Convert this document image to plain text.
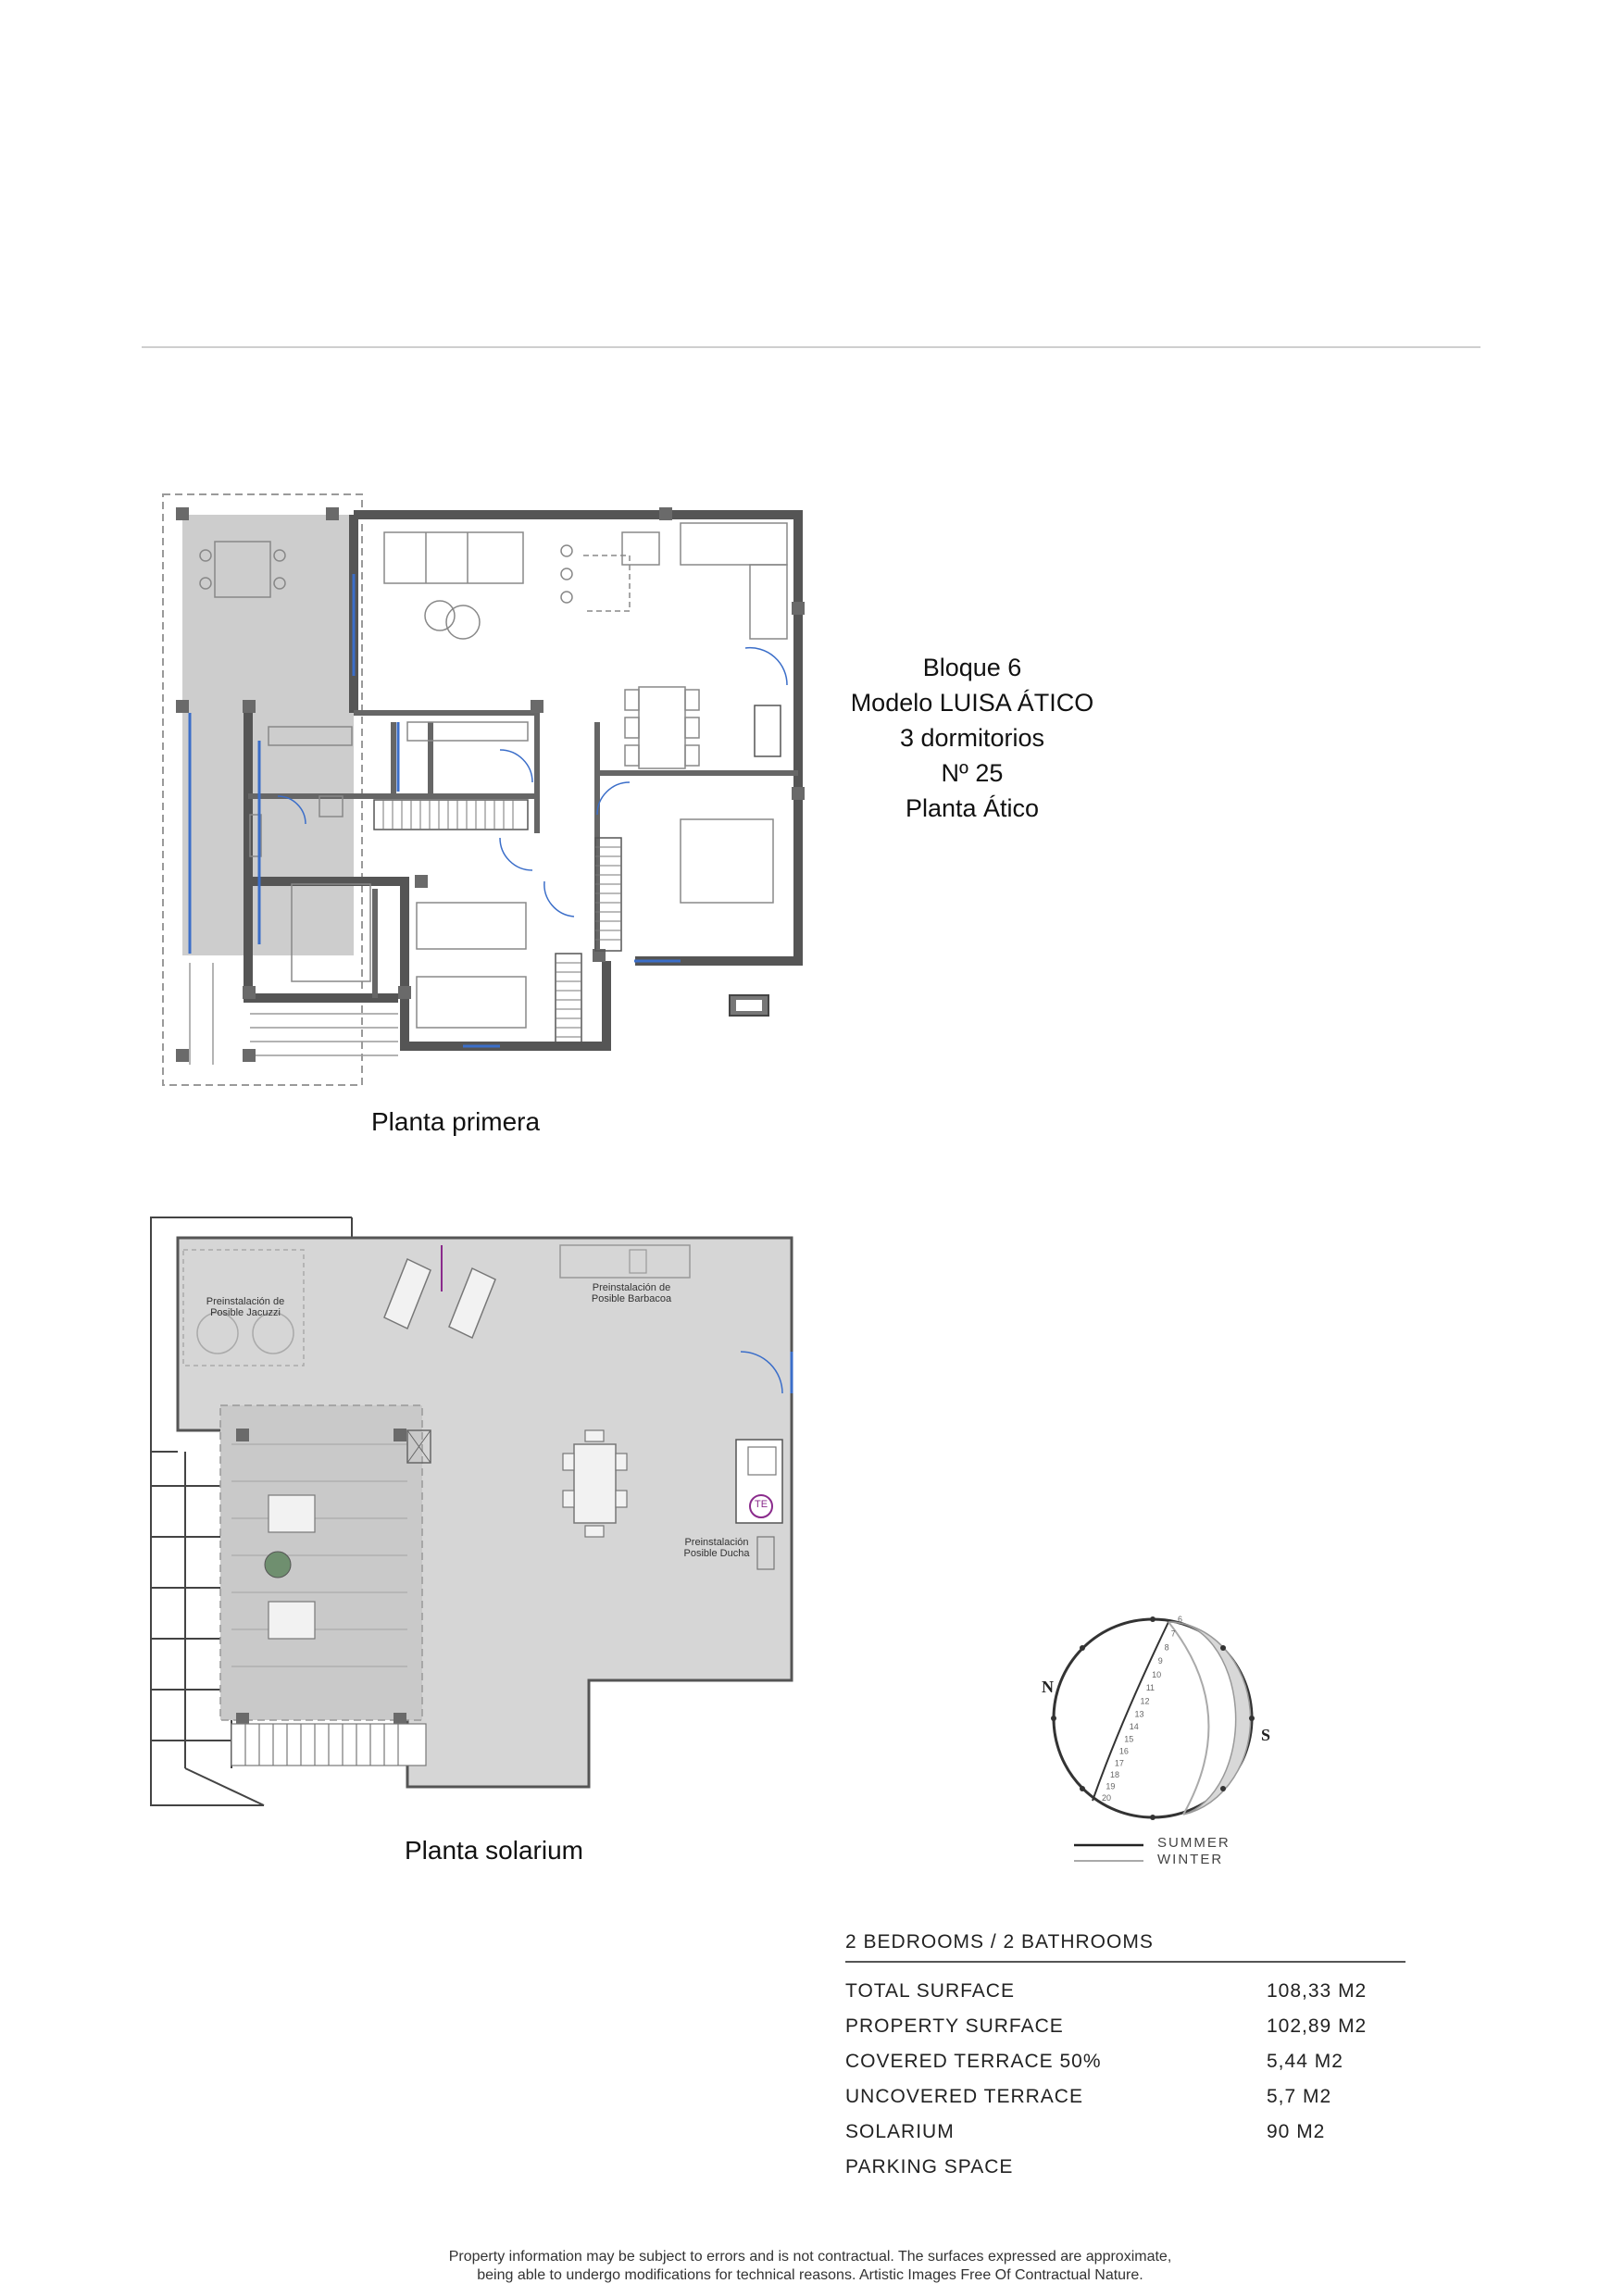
Planta primera
Bloque 6
Modelo LUISA ÁTICO
3 dormitorios
Nº 25
Planta Ático
Preinstalación de
Posible Jacuzzi
Preinstalación de
Posible Barbacoa
Preinstalación
Posible Ducha
TE
Planta solarium
N
S
6
7
8
9
10
11
12
13
14
15
16
17
18
19
20
SUMMER
WINTER
2 BEDROOMS / 2 BATHROOMS
TOTAL SURFACE	108,33 M2
PROPERTY SURFACE	102,89 M2
COVERED TERRACE 50%	5,44 M2
UNCOVERED TERRACE	5,7 M2
SOLARIUM	90 M2
PARKING SPACE
Property information may be subject to errors and is not contractual. The surfaces expressed are approximate,
being able to undergo modifications for technical reasons. Artistic Images Free Of Contractual Nature.
